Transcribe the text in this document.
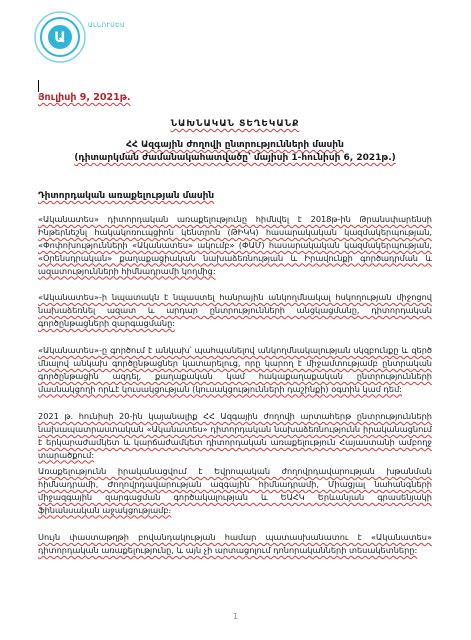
Ա
ԱԼՆՈՒՍԵՍ
Յուլիսի 9, 2021թ.
ՆԱԽՆԱԿԱՆ ՏԵՂԵԿԱՆՔ
ՀՀ Ազգային ժողովի ընտրությունների մասին
(դիտարկման ժամանակահատվածը՝ մայիսի 1-հունիսի 6, 2021թ.)
Դիտորդական առաքելության մասին
«Ականատես» դիտորդական առաքելությունը հիմնվել է 2018թ-ին Թրանսփարենսի Ինթերնեշնլ հակակոռուպցիոն կենտրոն (ԹԻԿԿ) հասարակական կազմակերպության, «Փոփոխությունների «Ականատես» ակումբ» (ՓԱՄ) հասարակական կազմակերպության, «Օրենսդրական» քաղաքացիական նախաձեռնության և Իրավունքի գործադրման և ազատությունների հիմնադրամի կողմից:
«Ականատես»-ի նպատակն է նպաստել հանրային անկողմնակալ հսկողության միջոցով նախաձեռնել ազատ և արդար ընտրությունների անցկացմանը, դիտորդական գործընթացների զարգացմանը:
«Ականատես»-ը գործում է անկախ՝ պահպանելով անկողմնակալության սկզբունքը և զերծ մնալով անկախ գործընթացներ կատարելուց, որը կարող է միջամտությամբ ընտրական գործընթացին ազդել, քաղաքական կամ հակաքաղաքական ընտրությունների մասնակցողի որևէ կուսակցության (կուսակցությունների դաշինքի) օգտին կամ դեմ:
2021 թ. հունիսի 20-ին կայանալիք ՀՀ Ազգային ժողովի արտահերթ ընտրությունների նախապատրաստական «Ականատես» դիտորդական նախաձեռնությունն իրականացնում է երկարաժամկետ և կարճաժամկետ դիտորդական առաքելություն Հայաստանի ամբողջ տարածքում:
Առաքելությունն իրականացվում է Եվրոպական ժողովրդավարության խթանման հիմնադրամի, Ժողովրդավարության ազգային հիմնադրամի, Միացյալ նահանգների միջազգային զարգացման գործակալության և ԵԱՀԿ Երևանյան գրասենյակի ֆինանսական աջակցությամբ։
Սույն փաստաթղթի բովանդակության համար պատասխանատու է «Ականատես» դիտորդական առաքելությունը, և այն չի արտացոլում դոնորականների տեսակետները:
1
